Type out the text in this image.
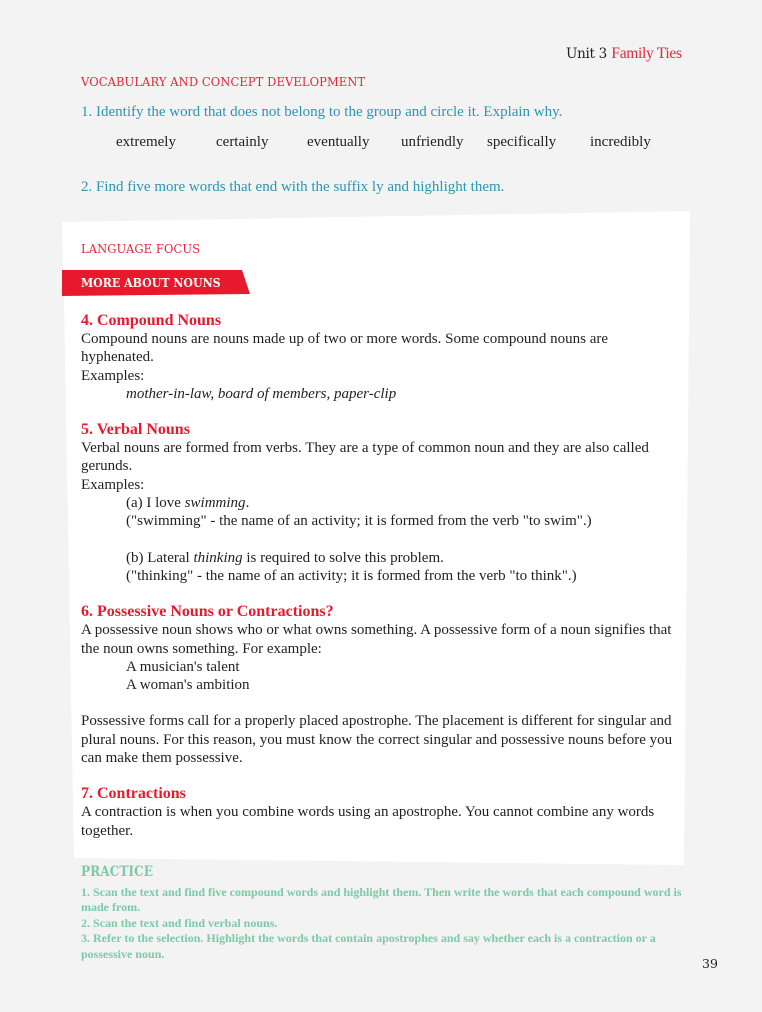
Unit 3 Family Ties
VOCABULARY AND CONCEPT DEVELOPMENT
1. Identify the word that does not belong to the group and circle it. Explain why.
extremely	certainly	eventually unfriendly specifically incredibly
2. Find five more words that end with the suffix ly and highlight them.
LANGUAGE FOCUS
MORE ABOUT NOUNS
4. Compound Nouns

Compound nouns are nouns made up of two or more words. Some compound nouns are hyphenated.

Examples:

mother-in-law, board of members, paper-clip

5. Verbal Nouns

Verbal nouns are formed from verbs. They are a type of common noun and they are also called gerunds.

Examples:

(a) I love swimming.

("swimming" - the name of an activity; it is formed from the verb "to swim".)

(b) Lateral thinking is required to solve this problem.

("thinking" - the name of an activity; it is formed from the verb "to think".)

6. Possessive Nouns or Contractions?

A possessive noun shows who or what owns something. A possessive form of a noun signifies that the noun owns something. For example:

A musician's talent

A woman's ambition

Possessive forms call for a properly placed apostrophe. The placement is different for singular and plural nouns. For this reason, you must know the correct singular and possessive nouns before you can make them possessive.

7. Contractions

A contraction is when you combine words using an apostrophe. You cannot combine any words together.

PRACTICE

1. Scan the text and find five compound words and highlight them. Then write the words that each compound word is made from.

2. Scan the text and find verbal nouns.

3. Refer to the selection. Highlight the words that contain apostrophes and say whether each is a contraction or a possessive noun.

39
